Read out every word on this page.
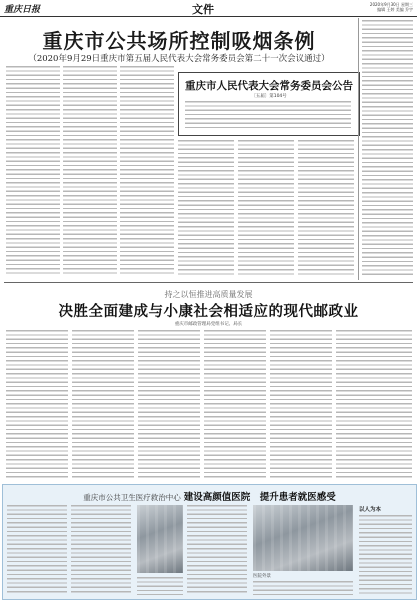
重庆日报	文件	2020年9月30日 星期三
编辑 王婷 美编 乔宇
重庆市公共场所控制吸烟条例
（2020年9月29日重庆市第五届人民代表大会常务委员会第二十一次会议通过）
重庆市人民代表大会常务委员会公告
〔五届〕第104号
持之以恒推进高质量发展
决胜全面建成与小康社会相适应的现代邮政业
重庆市邮政管理局党组书记、局长
重庆市公共卫生医疗救治中心 建设高颜值医院　提升患者就医感受
医院外景
以人为本
